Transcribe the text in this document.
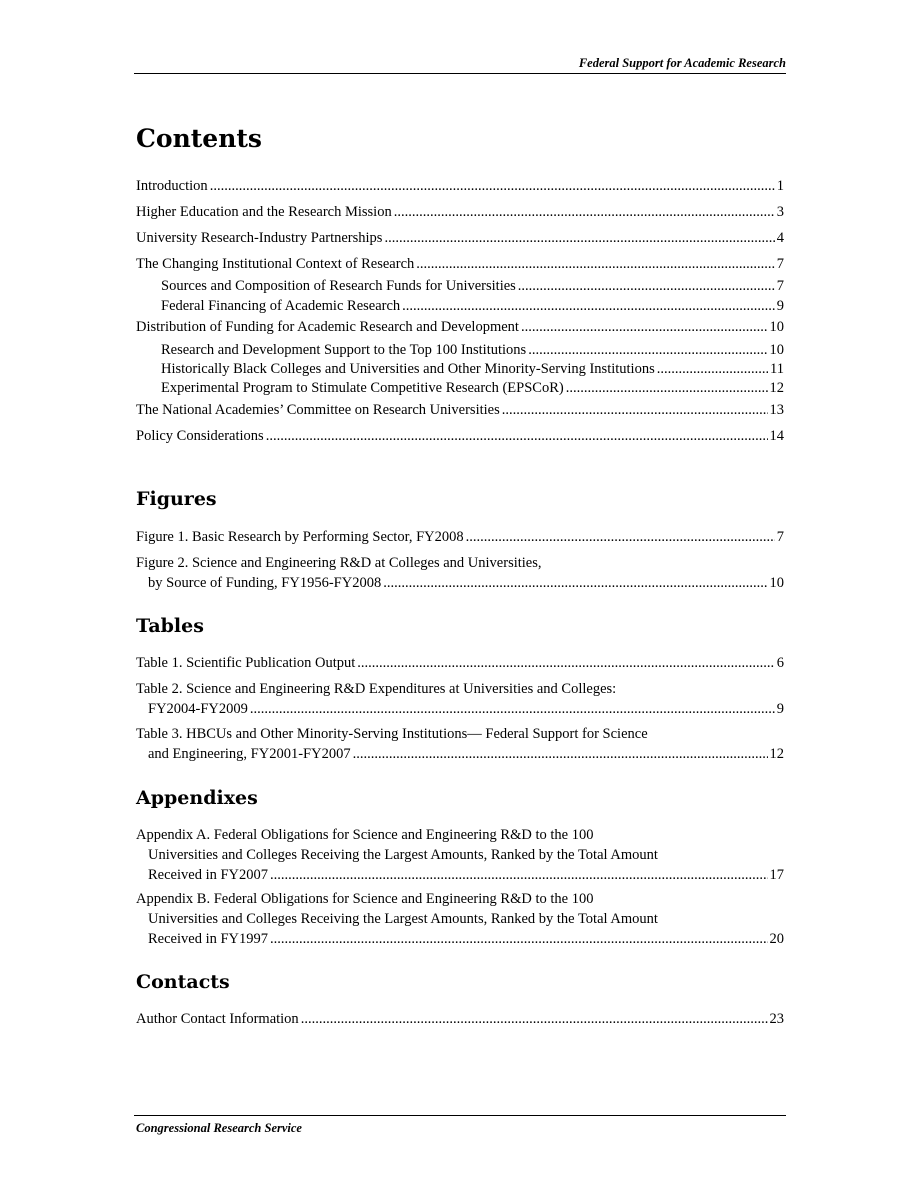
Federal Support for Academic Research
Contents
Introduction .....	1
Higher Education and the Research Mission .....	3
University Research-Industry Partnerships .....	4
The Changing Institutional Context of Research .....	7
Sources and Composition of Research Funds for Universities .....	7
Federal Financing of Academic Research .....	9
Distribution of Funding for Academic Research and Development .....	10
Research and Development Support to the Top 100 Institutions .....	10
Historically Black Colleges and Universities and Other Minority-Serving Institutions .....	11
Experimental Program to Stimulate Competitive Research (EPSCoR) .....	12
The National Academies’ Committee on Research Universities .....	13
Policy Considerations .....	14
Figures
Figure 1. Basic Research by Performing Sector, FY2008 .....	7
Figure 2. Science and Engineering R&D at Colleges and Universities,
by Source of Funding, FY1956-FY2008 .....	10
Tables
Table 1. Scientific Publication Output .....	6
Table 2. Science and Engineering R&D Expenditures at Universities and Colleges:
FY2004-FY2009 .....	9
Table 3. HBCUs and Other Minority-Serving Institutions— Federal Support for Science
and Engineering, FY2001-FY2007 .....	12
Appendixes
Appendix A. Federal Obligations for Science and Engineering R&D to the 100
Universities and Colleges Receiving the Largest Amounts, Ranked by the Total Amount
Received in FY2007 .....	17
Appendix B. Federal Obligations for Science and Engineering R&D to the 100
Universities and Colleges Receiving the Largest Amounts, Ranked by the Total Amount
Received in FY1997 .....	20
Contacts
Author Contact Information .....	23
Congressional Research Service
